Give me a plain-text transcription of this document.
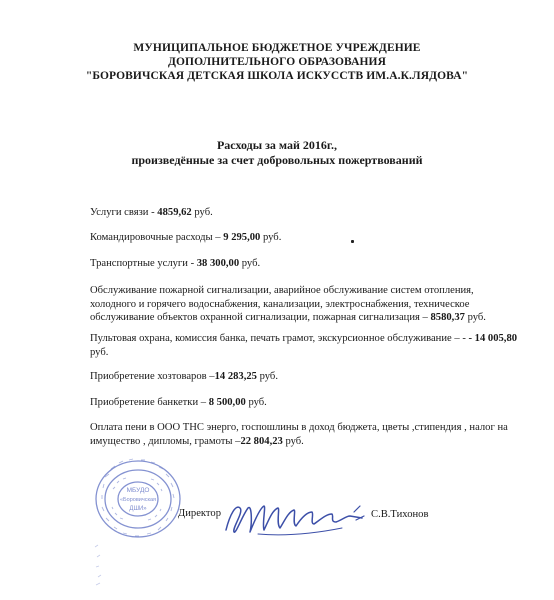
МУНИЦИПАЛЬНОЕ БЮДЖЕТНОЕ УЧРЕЖДЕНИЕ
ДОПОЛНИТЕЛЬНОГО ОБРАЗОВАНИЯ
"БОРОВИЧСКАЯ ДЕТСКАЯ ШКОЛА ИСКУССТВ ИМ.А.К.ЛЯДОВА"
Расходы за май 2016г.,
произведённые за счет добровольных пожертвований
Услуги связи - 4859,62 руб.
Командировочные расходы – 9 295,00 руб.
Транспортные услуги - 38 300,00 руб.
Обслуживание пожарной сигнализации, аварийное обслуживание систем отопления, холодного и горячего водоснабжения, канализации, электроснабжения, техническое обслуживание объектов охранной сигнализации, пожарная сигнализация – 8580,37 руб.
Пультовая охрана, комиссия банка, печать грамот, экскурсионное обслуживание – - - 14 005,80 руб.
Приобретение хозтоваров –14 283,25 руб.
Приобретение банкетки – 8 500,00 руб.
Оплата пени в ООО ТНС энерго, госпошлины в доход бюджета, цветы ,стипендия , налог на имущество , дипломы, грамоты –22 804,23 руб.
МБУДО
«Боровичская
ДШИ»	Директор	С.В.Тихонов
